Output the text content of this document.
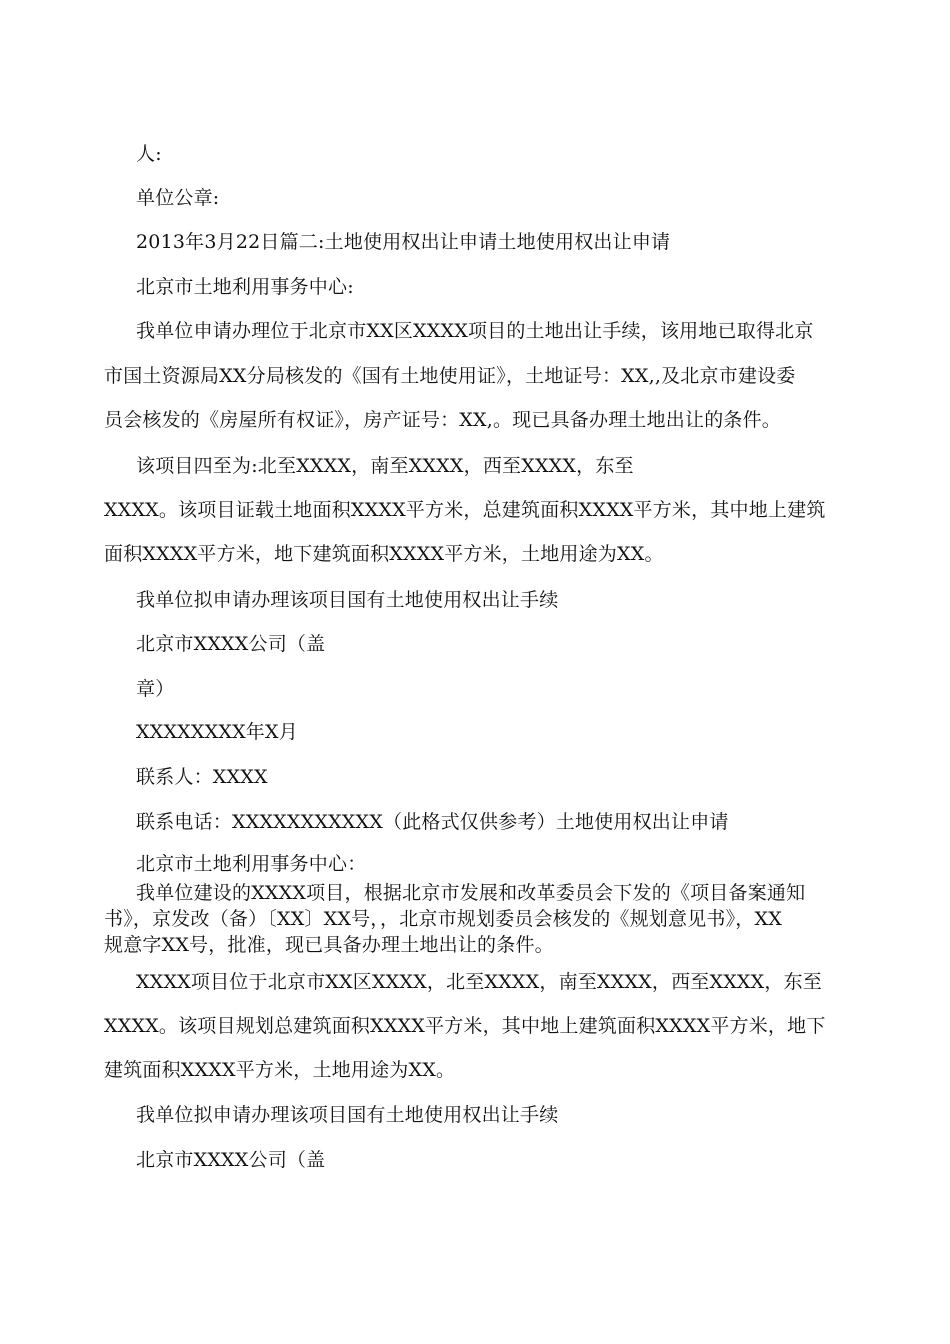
人:
单位公章:
2013年3月22日篇二:土地使用权出让申请土地使用权出让申请
北京市土地利用事务中心:
我单位申请办理位于北京市XX区XXXX项目的土地出让手续，该用地已取得北京
市国土资源局XX分局核发的《国有土地使用证》，土地证号：XX,,及北京市建设委
员会核发的《房屋所有权证》，房产证号：XX,。现已具备办理土地出让的条件。
该项目四至为:北至XXXX，南至XXXX，西至XXXX，东至
XXXX。该项目证载土地面积XXXX平方米，总建筑面积XXXX平方米，其中地上建筑
面积XXXX平方米，地下建筑面积XXXX平方米，土地用途为XX。
我单位拟申请办理该项目国有土地使用权出让手续
北京市XXXX公司（盖
章）
XXXXXXXX年X月
联系人：XXXX
联系电话：XXXXXXXXXXX（此格式仅供参考）土地使用权出让申请
北京市土地利用事务中心：
我单位建设的XXXX项目，根据北京市发展和改革委员会下发的《项目备案通知
书》，京发改（备）〔XX〕XX号，，北京市规划委员会核发的《规划意见书》，XX
规意字XX号，批准，现已具备办理土地出让的条件。
XXXX项目位于北京市XX区XXXX，北至XXXX，南至XXXX，西至XXXX，东至
XXXX。该项目规划总建筑面积XXXX平方米，其中地上建筑面积XXXX平方米，地下
建筑面积XXXX平方米，土地用途为XX。
我单位拟申请办理该项目国有土地使用权出让手续
北京市XXXX公司（盖
